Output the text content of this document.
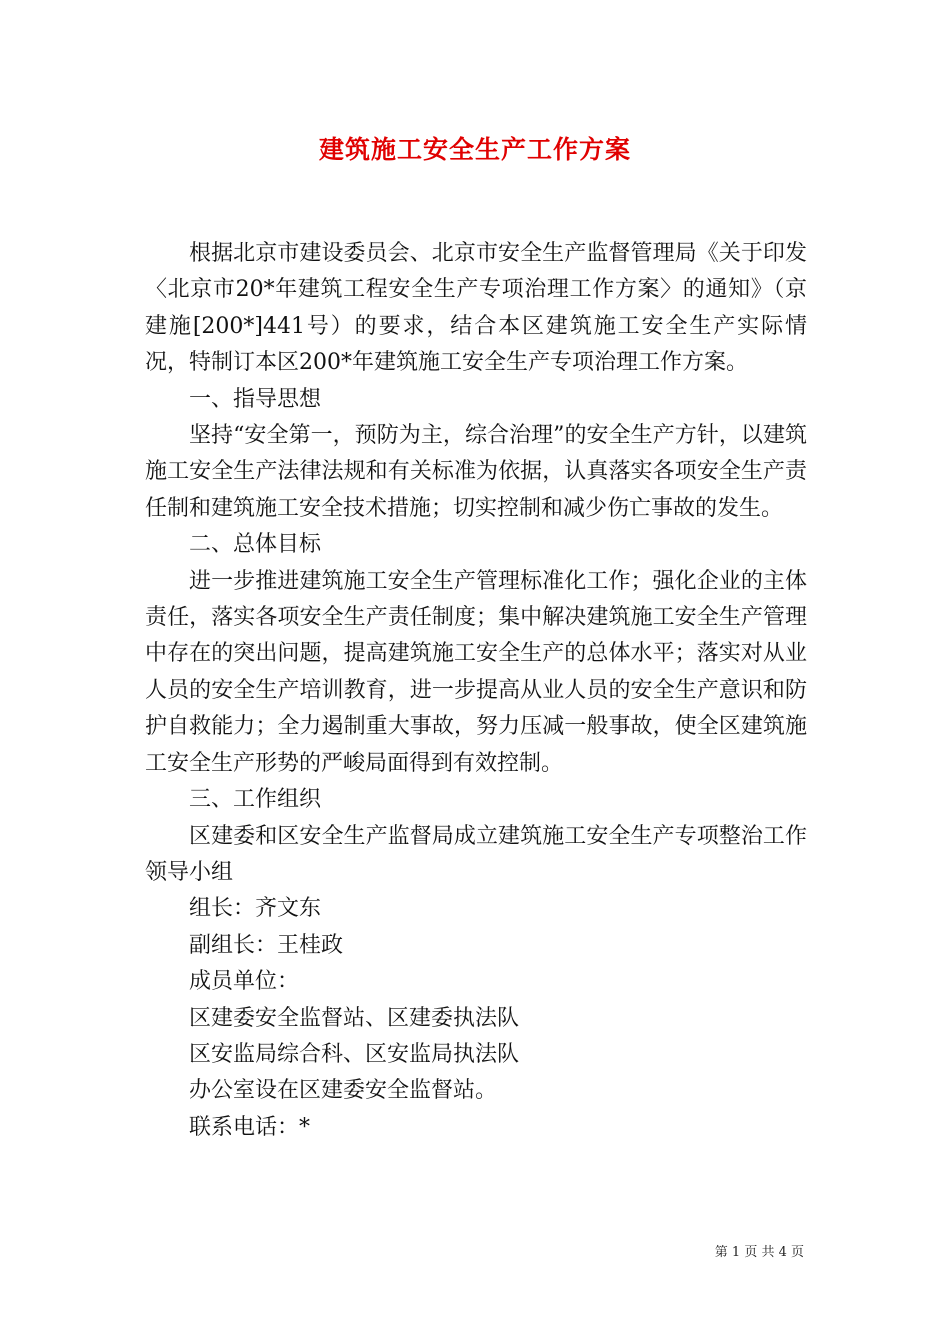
建筑施工安全生产工作方案

根据北京市建设委员会、北京市安全生产监督管理局《关于印发〈北京市20*年建筑工程安全生产专项治理工作方案〉的通知》（京建施[200*]441号）的要求，结合本区建筑施工安全生产实际情况，特制订本区200*年建筑施工安全生产专项治理工作方案。

一、指导思想

坚持“安全第一，预防为主，综合治理”的安全生产方针，以建筑施工安全生产法律法规和有关标准为依据，认真落实各项安全生产责任制和建筑施工安全技术措施；切实控制和减少伤亡事故的发生。

二、总体目标

进一步推进建筑施工安全生产管理标准化工作；强化企业的主体责任，落实各项安全生产责任制度；集中解决建筑施工安全生产管理中存在的突出问题，提高建筑施工安全生产的总体水平；落实对从业人员的安全生产培训教育，进一步提高从业人员的安全生产意识和防护自救能力；全力遏制重大事故，努力压减一般事故，使全区建筑施工安全生产形势的严峻局面得到有效控制。

三、工作组织

区建委和区安全生产监督局成立建筑施工安全生产专项整治工作领导小组

组长：齐文东

副组长：王桂政

成员单位：

区建委安全监督站、区建委执法队

区安监局综合科、区安监局执法队

办公室设在区建委安全监督站。

联系电话：*

第 1 页 共 4 页
